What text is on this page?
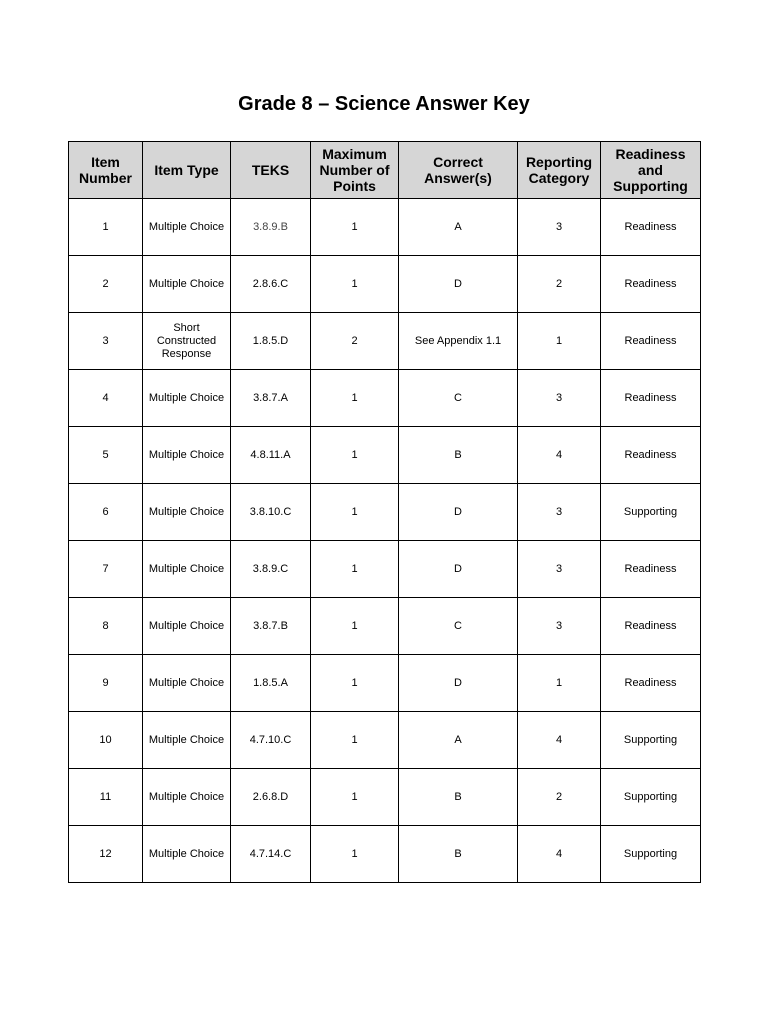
Grade 8 – Science Answer Key
Item Number	Item Type	TEKS	Maximum Number of Points	Correct Answer(s)	Reporting Category	Readiness and Supporting
1	Multiple Choice	3.8.9.B	1	A	3	Readiness
2	Multiple Choice	2.8.6.C	1	D	2	Readiness
3	Short Constructed Response	1.8.5.D	2	See Appendix 1.1	1	Readiness
4	Multiple Choice	3.8.7.A	1	C	3	Readiness
5	Multiple Choice	4.8.11.A	1	B	4	Readiness
6	Multiple Choice	3.8.10.C	1	D	3	Supporting
7	Multiple Choice	3.8.9.C	1	D	3	Readiness
8	Multiple Choice	3.8.7.B	1	C	3	Readiness
9	Multiple Choice	1.8.5.A	1	D	1	Readiness
10	Multiple Choice	4.7.10.C	1	A	4	Supporting
11	Multiple Choice	2.6.8.D	1	B	2	Supporting
12	Multiple Choice	4.7.14.C	1	B	4	Supporting
